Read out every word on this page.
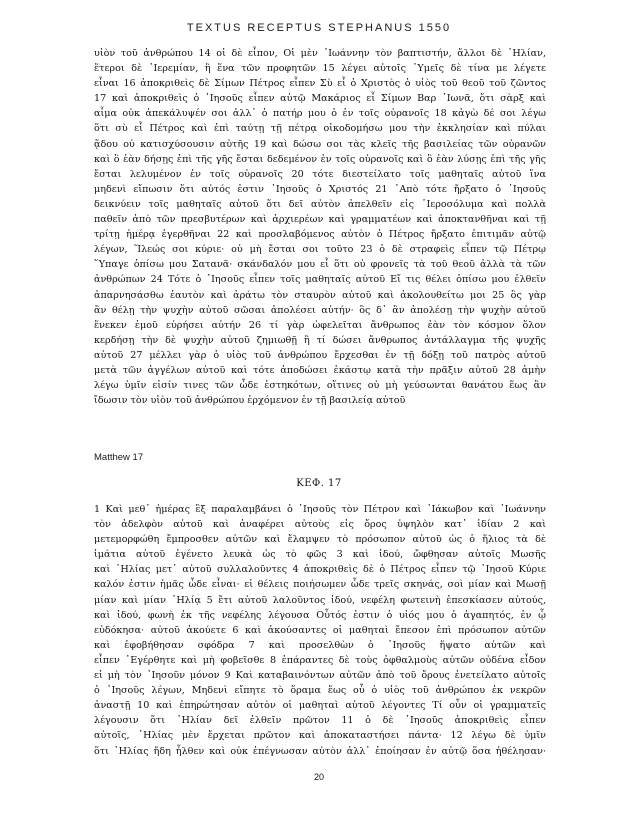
TEXTUS RECEPTUS STEPHANUS 1550
υἱὸν τοῦ ἀνθρώπου 14 οἱ δὲ εἶπον, Οἱ μὲν ᾿Ιωάννην τὸν βαπτιστήν, ἄλλοι δὲ ᾿Ηλίαν,
ἕτεροι δὲ ᾿Ιερεμίαν, ἢ ἕνα τῶν προφητῶν 15 λέγει αὐτοῖς ῾Υμεῖς δὲ τίνα με λέγετε
εἶναι 16 ἀποκριθεὶς δὲ Σίμων Πέτρος εἶπεν Σὺ εἶ ὁ Χριστὸς ὁ υἱὸς τοῦ θεοῦ τοῦ ζῶντος
17 καὶ ἀποκριθεὶς ὁ ᾿Ιησοῦς εἶπεν αὐτῷ Μακάριος εἶ Σίμων Βαρ ᾿Ιωνᾶ, ὅτι σὰρξ καὶ
αἷμα οὐκ ἀπεκάλυψέν σοι ἀλλ᾿ ὁ πατήρ μου ὁ ἐν τοῖς οὐρανοῖς 18 κἀγὼ δέ σοι λέγω
ὅτι σὺ εἶ Πέτρος καὶ ἐπὶ ταύτῃ τῇ πέτρᾳ οἰκοδομήσω μου τὴν ἐκκλησίαν καὶ πύλαι
ᾅδου οὐ κατισχύσουσιν αὐτῆς 19 καὶ δώσω σοι τὰς κλεῖς τῆς βασιλείας τῶν οὐρανῶν
καὶ ὃ ἐὰν δήσῃς ἐπὶ τῆς γῆς ἔσται δεδεμένον ἐν τοῖς οὐρανοῖς καὶ ὃ ἐὰν λύσῃς ἐπὶ τῆς γῆς
ἔσται λελυμένον ἐν τοῖς οὐρανοῖς 20 τότε διεστείλατο τοῖς μαθηταῖς αὐτοῦ ἵνα
μηδενὶ εἴπωσιν ὅτι αὐτός ἐστιν ᾿Ιησοῦς ὁ Χριστός 21 ᾿Απὸ τότε ἤρξατο ὁ ᾿Ιησοῦς
δεικνύειν τοῖς μαθηταῖς αὐτοῦ ὅτι δεῖ αὐτὸν ἀπελθεῖν εἰς ῾Ιεροσόλυμα καὶ πολλὰ
παθεῖν ἀπὸ τῶν πρεσβυτέρων καὶ ἀρχιερέων καὶ γραμματέων καὶ ἀποκτανθῆναι καὶ τῇ
τρίτῃ ἡμέρᾳ ἐγερθῆναι 22 καὶ προσλαβόμενος αὐτὸν ὁ Πέτρος ἤρξατο ἐπιτιμᾶν αὐτῷ
λέγων, Ἵλεώς σοι κύριε· οὐ μὴ ἔσται σοι τοῦτο 23 ὁ δὲ στραφεὶς εἶπεν τῷ Πέτρῳ
῞Υπαγε ὀπίσω μου Σατανᾶ· σκάνδαλόν μου εἶ ὅτι οὐ φρονεῖς τὰ τοῦ θεοῦ ἀλλὰ τὰ τῶν
ἀνθρώπων 24 Τότε ὁ ᾿Ιησοῦς εἶπεν τοῖς μαθηταῖς αὐτοῦ Εἴ τις θέλει ὀπίσω μου ἐλθεῖν
ἀπαρνησάσθω ἑαυτὸν καὶ ἀράτω τὸν σταυρὸν αὐτοῦ καὶ ἀκολουθείτω μοι 25 ὃς γὰρ
ἂν θέλῃ τὴν ψυχὴν αὐτοῦ σῶσαι ἀπολέσει αὐτήν· ὃς δ᾿ ἂν ἀπολέσῃ τὴν ψυχὴν αὐτοῦ
ἕνεκεν ἐμοῦ εὑρήσει αὐτήν 26 τί γὰρ ὠφελεῖται ἄνθρωπος ἐὰν τὸν κόσμον ὅλον
κερδήσῃ τὴν δὲ ψυχὴν αὐτοῦ ζημιωθῇ ἢ τί δώσει ἄνθρωπος ἀντάλλαγμα τῆς ψυχῆς
αὐτοῦ 27 μέλλει γὰρ ὁ υἱὸς τοῦ ἀνθρώπου ἔρχεσθαι ἐν τῇ δόξῃ τοῦ πατρὸς αὐτοῦ
μετὰ τῶν ἀγγέλων αὐτοῦ καὶ τότε ἀποδώσει ἑκάστῳ κατὰ τὴν πρᾶξιν αὐτοῦ 28 ἀμὴν
λέγω ὑμῖν εἰσίν τινες τῶν ὧδε ἑστηκότων, οἵτινες οὐ μὴ γεύσωνται θανάτου ἕως ἂν
ἴδωσιν τὸν υἱὸν τοῦ ἀνθρώπου ἐρχόμενον ἐν τῇ βασιλείᾳ αὐτοῦ
Matthew 17
ΚΕΦ. 17
1 Καὶ μεθ᾿ ἡμέρας ἓξ παραλαμβάνει ὁ ᾿Ιησοῦς τὸν Πέτρον καὶ ᾿Ιάκωβον καὶ ᾿Ιωάννην
τὸν ἀδελφὸν αὐτοῦ καὶ ἀναφέρει αὐτοὺς εἰς ὄρος ὑψηλὸν κατ᾿ ἰδίαν 2 καὶ
μετεμορφώθη ἔμπροσθεν αὐτῶν καὶ ἔλαμψεν τὸ πρόσωπον αὐτοῦ ὡς ὁ ἥλιος τὰ δὲ
ἱμάτια αὐτοῦ ἐγένετο λευκὰ ὡς τὸ φῶς 3 καὶ ἰδού, ὤφθησαν αὐτοῖς Μωσῆς
καὶ ᾿Ηλίας μετ᾿ αὐτοῦ συλλαλοῦντες 4 ἀποκριθεὶς δὲ ὁ Πέτρος εἶπεν τῷ ᾿Ιησοῦ Κύριε
καλόν ἐστιν ἡμᾶς ὧδε εἶναι· εἰ θέλεις ποιήσωμεν ὧδε τρεῖς σκηνάς, σοὶ μίαν καὶ Μωσῇ
μίαν καὶ μίαν ᾿Ηλίᾳ 5 ἔτι αὐτοῦ λαλοῦντος ἰδού, νεφέλη φωτεινὴ ἐπεσκίασεν αὐτούς,
καὶ ἰδού, φωνὴ ἐκ τῆς νεφέλης λέγουσα Οὗτός ἐστιν ὁ υἱός μου ὁ ἀγαπητός, ἐν ᾧ
εὐδόκησα· αὐτοῦ ἀκούετε 6 καὶ ἀκούσαντες οἱ μαθηταὶ ἔπεσον ἐπὶ πρόσωπον αὐτῶν
καὶ ἐφοβήθησαν σφόδρα 7 καὶ προσελθὼν ὁ ᾿Ιησοῦς ἥψατο αὐτῶν καὶ
εἶπεν ᾿Εγέρθητε καὶ μὴ φοβεῖσθε 8 ἐπάραντες δὲ τοὺς ὀφθαλμοὺς αὐτῶν οὐδένα εἶδον
εἰ μὴ τὸν ᾿Ιησοῦν μόνον 9 Καὶ καταβαινόντων αὐτῶν ἀπὸ τοῦ ὄρους ἐνετείλατο αὐτοῖς
ὁ ᾿Ιησοῦς λέγων, Μηδενὶ εἴπητε τὸ ὅραμα ἕως οὗ ὁ υἱὸς τοῦ ἀνθρώπου ἐκ νεκρῶν
ἀναστῇ 10 καὶ ἐπηρώτησαν αὐτὸν οἱ μαθηταὶ αὐτοῦ λέγοντες Τί οὖν οἱ γραμματεῖς
λέγουσιν ὅτι ᾿Ηλίαν δεῖ ἐλθεῖν πρῶτον 11 ὁ δὲ ᾿Ιησοῦς ἀποκριθεὶς εἶπεν
αὐτοῖς, ᾿Ηλίας μὲν ἔρχεται πρῶτον καὶ ἀποκαταστήσει πάντα· 12 λέγω δὲ ὑμῖν
ὅτι ᾿Ηλίας ἤδη ἦλθεν καὶ οὐκ ἐπέγνωσαν αὐτὸν ἀλλ᾿ ἐποίησαν ἐν αὐτῷ ὅσα ἠθέλησαν·
20
